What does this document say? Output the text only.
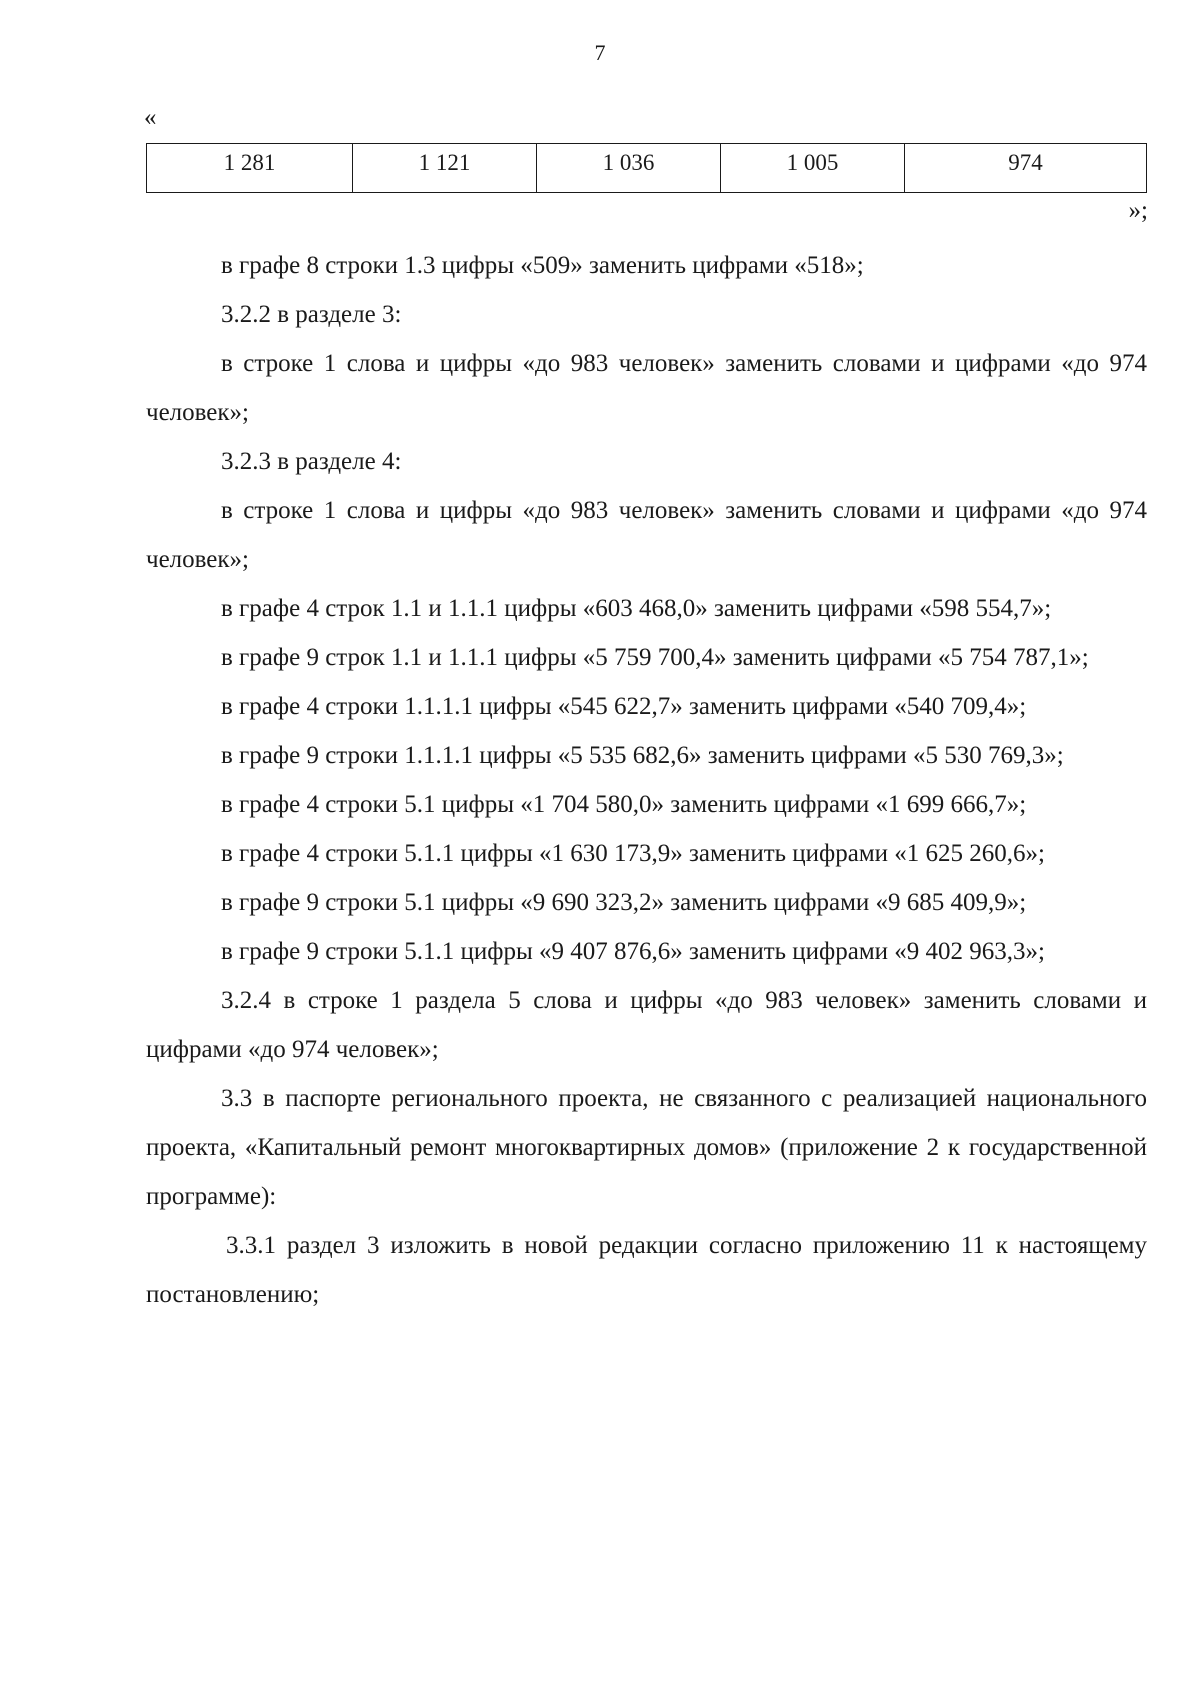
7
«
1 281	1 121	1 036	1 005	974
»;

в графе 8 строки 1.3 цифры «509» заменить цифрами «518»;

3.2.2 в разделе 3:

в строке 1 слова и цифры «до 983 человек» заменить словами и цифрами «до 974 человек»;

3.2.3 в разделе 4:

в строке 1 слова и цифры «до 983 человек» заменить словами и цифрами «до 974 человек»;

в графе 4 строк 1.1 и 1.1.1 цифры «603 468,0» заменить цифрами «598 554,7»;

в графе 9 строк 1.1 и 1.1.1 цифры «5 759 700,4» заменить цифрами «5 754 787,1»;

в графе 4 строки 1.1.1.1 цифры «545 622,7» заменить цифрами «540 709,4»;

в графе 9 строки 1.1.1.1 цифры «5 535 682,6» заменить цифрами «5 530 769,3»;

в графе 4 строки 5.1 цифры «1 704 580,0» заменить цифрами «1 699 666,7»;

в графе 4 строки 5.1.1 цифры «1 630 173,9» заменить цифрами «1 625 260,6»;

в графе 9 строки 5.1 цифры «9 690 323,2» заменить цифрами «9 685 409,9»;

в графе 9 строки 5.1.1 цифры «9 407 876,6» заменить цифрами «9 402 963,3»;

3.2.4 в строке 1 раздела 5 слова и цифры «до 983 человек» заменить словами и цифрами «до 974 человек»;

3.3 в паспорте регионального проекта, не связанного с реализацией национального проекта, «Капитальный ремонт многоквартирных домов» (приложение 2 к государственной программе):

3.3.1 раздел 3 изложить в новой редакции согласно приложению 11 к настоящему постановлению;
